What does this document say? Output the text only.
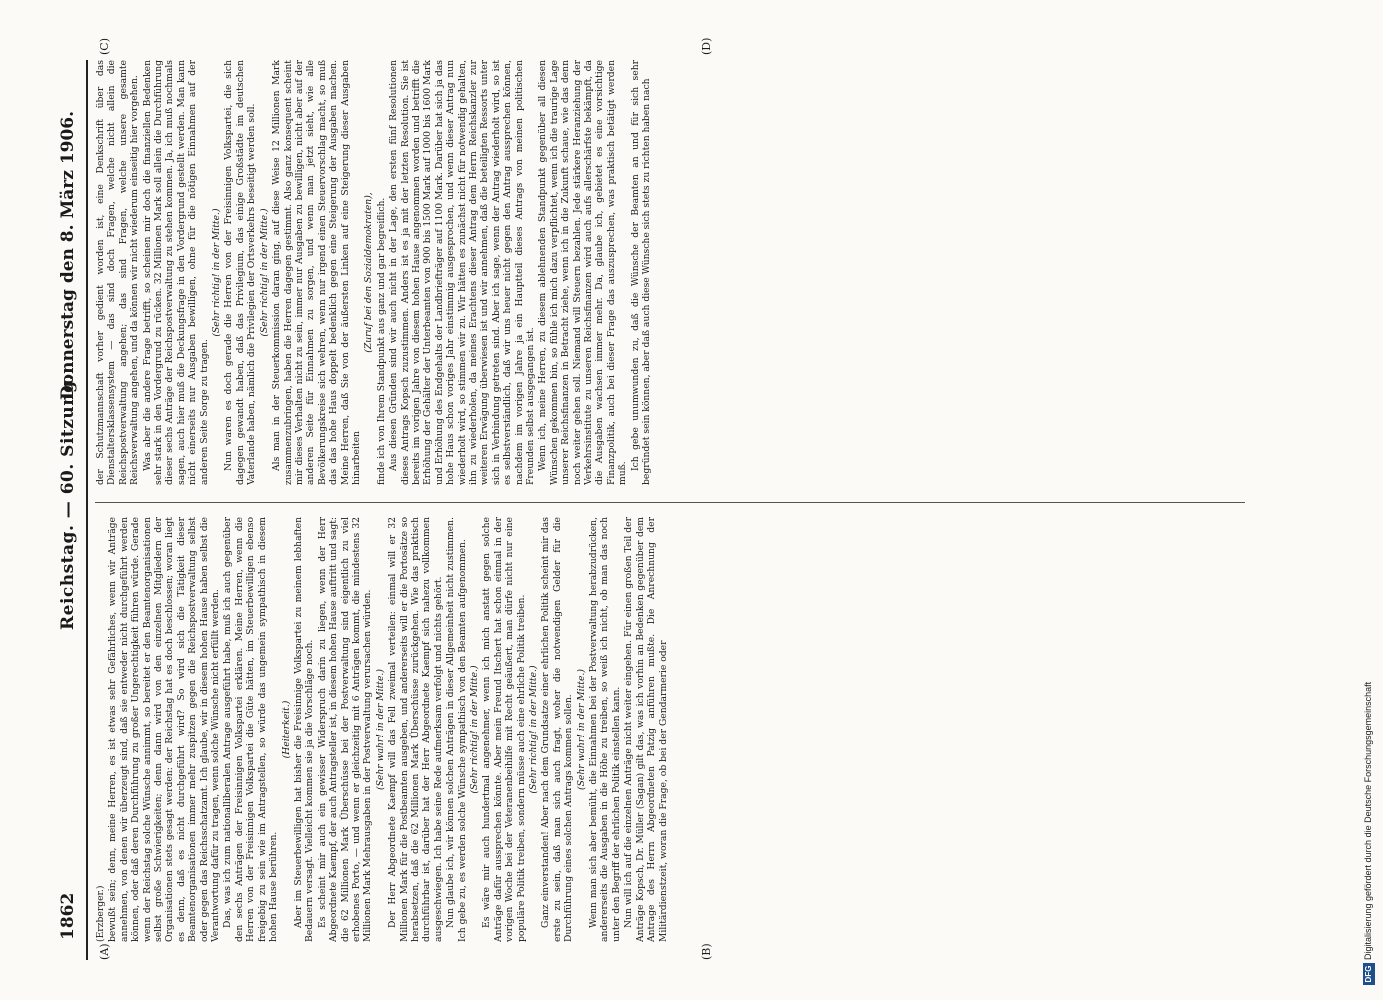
1862
Reichstag. — 60. Sitzung.
Donnerstag den 8. März 1906.
(A)	(B)
(C)	(D)

(Erzberger.) bewußt sein; denn, meine Herren, es ist etwas sehr Gefährliches, wenn wir Anträge annehmen, von denen wir überzeugt sind, daß sie entweder nicht durchgeführt werden können, oder daß deren Durchführung zu großer Ungerechtigkeit führen würde. Gerade wenn der Reichstag solche Wünsche annimmt, so bereitet er den Beamtenorganisationen selbst große Schwierigkeiten; denn dann wird von den einzelnen Mitgliedern der Organisationen stets gesagt werden: der Reichstag hat es doch beschlossen; woran liegt es denn, daß es nicht durchgeführt wird? So wird sich die Tätigkeit dieser Beamtenorganisationen immer mehr zuspitzen gegen die Reichspostverwaltung selbst oder gegen das Reichsschatzamt. Ich glaube, wir in diesem hohen Hause haben selbst die Verantwortung dafür zu tragen, wenn solche Wünsche nicht erfüllt werden. Das, was ich zum nationalliberalen Antrage ausgeführt habe, muß ich auch gegenüber den sechs Anträgen der Freisinnigen Volkspartei erklären. Meine Herren, wenn die Herren von der Freisinnigen Volkspartei die Güte hätten, im Steuerbewilligen ebenso freigebig zu sein wie im Antragstellen, so würde das ungemein sympathisch in diesem hohen Hause berühren.

(Heiterkeit.) Aber im Steuerbewilligen hat bisher die Freisinnige Volkspartei zu meinem lebhaften Bedauern versagt. Vielleicht kommen sie ja die Vorschläge noch. Es scheint mir auch ein gewisser Widerspruch darin zu liegen, wenn der Herr Abgeordnete Kaempf, der auch Antragsteller ist, in diesem hohen Hause auftritt und sagt: die 62 Millionen Mark Überschüsse bei der Postverwaltung sind eigentlich zu viel erhobenes Porto, — und wenn er gleichzeitig mit 6 Anträgen kommt, die mindestens 32 Millionen Mark Mehrausgaben in der Postverwaltung verursachen würden. (Sehr wahr! in der Mitte.) Der Herr Abgeordnete Kaempf will das Fell zweimal verteilen: einmal will er 32 Millionen Mark für die Postbeamten ausgeben, und andererseits will er die Portosätze so herabsetzen, daß die 62 Millionen Mark Überschüsse zurückgehen. Wie das praktisch durchführbar ist, darüber hat der Herr Abgeordnete Kaempf sich nahezu vollkommen ausgeschwiegen. Ich habe seine Rede aufmerksam verfolgt und nichts gehört. Nun glaube ich, wir können solchen Anträgen in dieser Allgemeinheit nicht zustimmen. Ich gebe zu, es werden solche Wünsche sympathisch von den Beamten aufgenommen. (Sehr richtig! in der Mitte.) Es wäre mir auch hundertmal angenehmer, wenn ich mich anstatt gegen solche Anträge dafür aussprechen könnte. Aber mein Freund Itschert hat schon einmal in der vorigen Woche bei der Veteranenbeihilfe mit Recht geäußert, man dürfe nicht nur eine populäre Politik treiben, sondern müsse auch eine ehrliche Politik treiben. (Sehr richtig! in der Mitte.) Ganz einverstanden! Aber nach dem Grundsatze einer ehrlichen Politik scheint mir das erste zu sein, daß man sich auch fragt, woher die notwendigen Gelder für die Durchführung eines solchen Antrags kommen sollen. (Sehr wahr! in der Mitte.) Wenn man sich aber bemüht, die Einnahmen bei der Postverwaltung herabzudrücken, andererseits die Ausgaben in die Höhe zu treiben, so weiß ich nicht, ob man das noch unter den Begriff der ehrlichen Politik einstellen kann. Nun will ich auf die einzelnen Anträge nicht weiter eingehen. Für einen großen Teil der Anträge Kopsch, Dr. Müller (Sagan) gilt das, was ich vorhin an Bedenken gegenüber dem Antrage des Herrn Abgeordneten Patzig anführen mußte. Die Anrechnung der Militärdienstzeit, woran die Frage, ob bei der Gendarmerie oder

der Schutzmannschaft vorher gedient worden ist, eine Denkschrift über das Dienstaltersklassensystem — das sind doch Fragen, welche nicht allein die Reichspostverwaltung angehen; das sind Fragen, welche unsere gesamte Reichsverwaltung angehen, und da können wir nicht wiederum einseitig hier vorgehen. Was aber die andere Frage betrifft, so scheinen mir doch die finanziellen Bedenken sehr stark in den Vordergrund zu rücken. 32 Millionen Mark soll allein die Durchführung dieser sechs Anträge der Reichspostverwaltung zu stehen kommen. Ja, ich muß nochmals sagen, auch hier muß die Deckungsfrage in den Vordergrund gestellt werden. Man kann nicht einerseits nur Ausgaben bewilligen, ohne für die nötigen Einnahmen auf der anderen Seite Sorge zu tragen.

(Sehr richtig! in der Mitte.) Nun waren es doch gerade die Herren von der Freisinnigen Volkspartei, die sich dagegen gewandt haben, daß das Privilegium, das einige Großstädte im deutschen Vaterlande haben, nämlich die Privilegien der Ortsverkehrs beseitigt werden soll. (Sehr richtig! in der Mitte.) Als man in der Steuerkommission daran ging, auf diese Weise 12 Millionen Mark zusammenzubringen, haben die Herren dagegen gestimmt. Also ganz konsequent scheint mir dieses Verhalten nicht zu sein, immer nur Ausgaben zu bewilligen, nicht aber auf der anderen Seite für Einnahmen zu sorgen, und wenn man jetzt sieht, wie alle Bevölkerungskreise sich wehren, wenn nur irgend einen Steuervorschlag macht, so muß das das hohe Haus doppelt bedenklich gegen eine Steigerung der Ausgaben machen. Meine Herren, daß Sie von der äußersten Linken auf eine Steigerung dieser Ausgaben hinarbeiten

(Zuruf bei den Sozialdemokraten), finde ich von Ihrem Standpunkt aus ganz und gar begreiflich. Aus diesen Gründen sind wir auch nicht in der Lage, den ersten fünf Resolutionen dieses Antrags Kopsch zuzustimmen. Anders ist es ja mit der letzten Resolution. Sie ist bereits im vorigen Jahre von diesem hohen Hause angenommen worden und betrifft die Erhöhung der Gehälter der Unterbeamten von 900 bis 1500 Mark auf 1000 bis 1600 Mark und Erhöhung des Endgehalts der Landbriefträger auf 1100 Mark. Darüber hat sich ja das hohe Haus schon voriges Jahr einstimmig ausgesprochen, und wenn dieser Antrag nun wiederholt wird, so stimmen wir zu. Wir hätten es zunächst nicht für notwendig gehalten, ihn zu wiederholen, da meines Erachtens dieser Antrag dem Herrn Reichskanzler zur weiteren Erwägung überwiesen ist und wir annehmen, daß die beteiligten Ressorts unter sich in Verbindung getreten sind. Aber ich sage, wenn der Antrag wiederholt wird, so ist es selbstverständlich, daß wir uns heuer nicht gegen den Antrag aussprechen können, nachdem im vorigen Jahre ja ein Hauptteil dieses Antrags von meinen politischen Freunden selbst ausgegangen ist. Wenn ich, meine Herren, zu diesem ablehnenden Standpunkt gegenüber all diesen Wünschen gekommen bin, so fühle ich mich dazu verpflichtet, wenn ich die traurige Lage unserer Reichsfinanzen in Betracht ziehe, wenn ich in die Zukunft schaue, wie das denn noch weiter gehen soll. Niemand will Steuern bezahlen. Jede stärkere Heranziehung der Verkehrsinstitute zu unseren Reichsfinanzen wird auch aufs allerschärfste bekämpft, da die Ausgaben wachsen immer mehr. Da, glaube ich, gebietet es eine vorsichtige Finanzpolitik, auch bei dieser Frage das auszusprechen, was praktisch betätigt werden muß.

Ich gebe unumwunden zu, daß die Wünsche der Beamten an und für sich sehr begründet sein können, aber daß auch diese Wünsche sich stets zu richten haben nach

Digitalisierung gefördert durch die Deutsche Forschungsgemeinschaft
DFG
